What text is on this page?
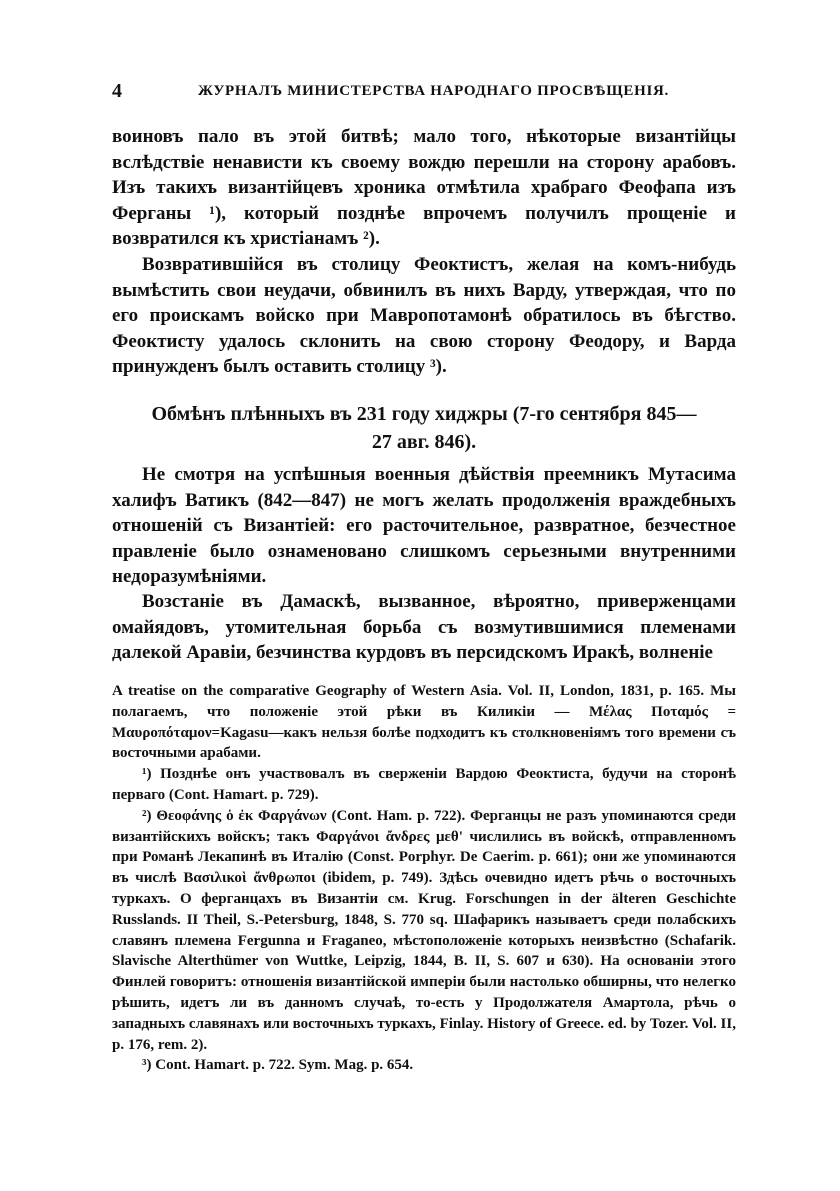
4	ЖУРНАЛЪ МИНИСТЕРСТВА НАРОДНАГО ПРОСВѢЩЕНІЯ.
воиновъ пало въ этой битвѣ; мало того, нѣкоторые византійцы вслѣдствіе ненависти къ своему вождю перешли на сторону арабовъ. Изъ такихъ византійцевъ хроника отмѣтила храбраго Феофапа изъ Ферганы ¹), который позднѣе впрочемъ получилъ прощеніе и возвратился къ христіанамъ ²).
Возвратившійся въ столицу Феоктистъ, желая на комъ-нибудь вымѣстить свои неудачи, обвинилъ въ нихъ Варду, утверждая, что по его проискамъ войско при Мавропотамонѣ обратилось въ бѣгство. Феоктисту удалось склонить на свою сторону Феодору, и Варда принужденъ былъ оставить столицу ³).
Обмѣнъ плѣнныхъ въ 231 году хиджры (7-го сентября 845—
27 авг. 846).
Не смотря на успѣшныя военныя дѣйствія преемникъ Мутасима халифъ Ватикъ (842—847) не могъ желать продолженія враждебныхъ отношеній съ Византіей: его расточительное, развратное, безчестное правленіе было ознаменовано слишкомъ серьезными внутренними недоразумѣніями.
Возстаніе въ Дамаскѣ, вызванное, вѣроятно, приверженцами омайядовъ, утомительная борьба съ возмутившимися племенами далекой Аравіи, безчинства курдовъ въ персидскомъ Иракѣ, волненіе

A treatise on the comparative Geography of Western Asia. Vol. II, London, 1831, p. 165. Мы полагаемъ, что положеніе этой рѣки въ Киликіи — Μέλας Ποταμός = Μαυροπόταμον=Kagasu—какъ нельзя болѣе подходитъ къ столкновеніямъ того времени съ восточными арабами.

¹) Позднѣе онъ участвовалъ въ сверженіи Вардою Феоктиста, будучи на сторонѣ перваго (Cont. Hamart. p. 729).

²) Θεοφάνης ὁ ἐκ Φαργάνων (Cont. Ham. p. 722). Ферганцы не разъ упоминаются среди византійскихъ войскъ; такъ Φαργάνοι ἄνδρες μεθ' числились въ войскѣ, отправленномъ при Романѣ Лекапинѣ въ Италію (Const. Porphyr. De Caerim. p. 661); они же упоминаются въ числѣ Βασιλικοὶ ἄνθρωποι (ibidem, p. 749). Здѣсь очевидно идетъ рѣчь о восточныхъ туркахъ. О ферганцахъ въ Византіи см. Krug. Forschungen in der älteren Geschichte Russlands. II Theil, S.-Petersburg, 1848, S. 770 sq. Шафарикъ называетъ среди полабскихъ славянъ племена Fergunna и Fraganeo, мѣстоположеніе которыхъ неизвѣстно (Schafarik. Slavische Alterthümer von Wuttke, Leipzig, 1844, B. II, S. 607 и 630). На основаніи этого Финлей говоритъ: отношенія византійской имперіи были настолько обширны, что нелегко рѣшить, идетъ ли въ данномъ случаѣ, то-есть у Продолжателя Амартола, рѣчь о западныхъ славянахъ или восточныхъ туркахъ, Finlay. History of Greece. ed. by Tozer. Vol. II, p. 176, rem. 2).

³) Cont. Hamart. p. 722. Sym. Mag. p. 654.
